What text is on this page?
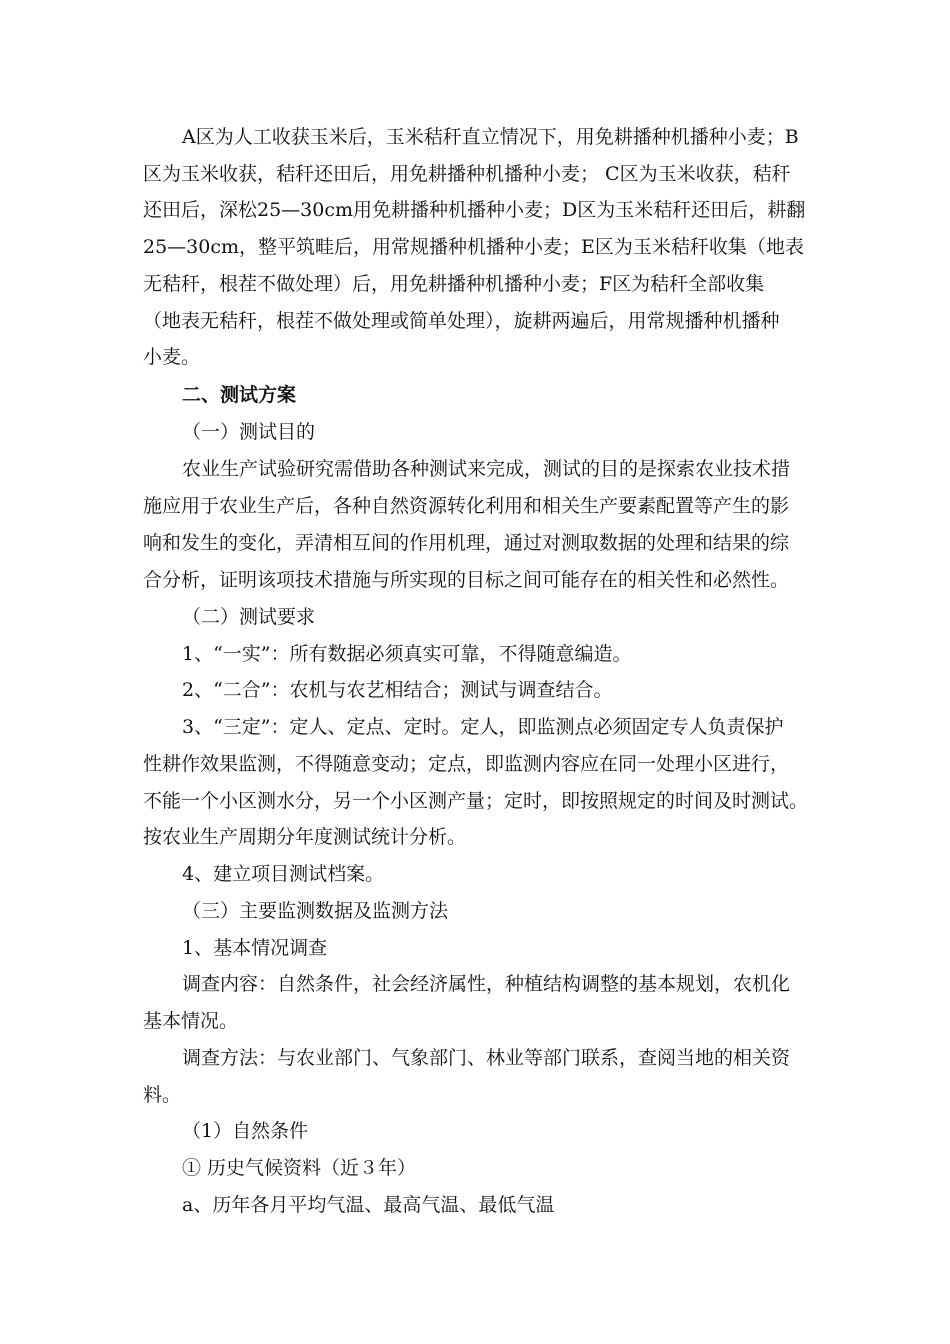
A区为人工收获玉米后，玉米秸秆直立情况下，用免耕播种机播种小麦；B
区为玉米收获，秸秆还田后，用免耕播种机播种小麦； C区为玉米收获，秸秆
还田后，深松25—30cm用免耕播种机播种小麦；D区为玉米秸秆还田后，耕翻
25—30cm，整平筑畦后，用常规播种机播种小麦；E区为玉米秸秆收集（地表
无秸秆，根茬不做处理）后，用免耕播种机播种小麦；F区为秸秆全部收集
（地表无秸秆，根茬不做处理或简单处理），旋耕两遍后，用常规播种机播种
小麦。
二、测试方案
（一）测试目的
农业生产试验研究需借助各种测试来完成，测试的目的是探索农业技术措
施应用于农业生产后，各种自然资源转化利用和相关生产要素配置等产生的影
响和发生的变化，弄清相互间的作用机理，通过对测取数据的处理和结果的综
合分析，证明该项技术措施与所实现的目标之间可能存在的相关性和必然性。
（二）测试要求
1、“一实”：所有数据必须真实可靠，不得随意编造。
2、“二合”：农机与农艺相结合；测试与调查结合。
3、“三定”：定人、定点、定时。定人，即监测点必须固定专人负责保护
性耕作效果监测，不得随意变动；定点，即监测内容应在同一处理小区进行，
不能一个小区测水分，另一个小区测产量；定时，即按照规定的时间及时测试。
按农业生产周期分年度测试统计分析。
4、建立项目测试档案。
（三）主要监测数据及监测方法
1、基本情况调查
调查内容：自然条件，社会经济属性，种植结构调整的基本规划，农机化
基本情况。
调查方法：与农业部门、气象部门、林业等部门联系，查阅当地的相关资
料。
（1）自然条件
① 历史气候资料（近３年）
a、历年各月平均气温、最高气温、最低气温
